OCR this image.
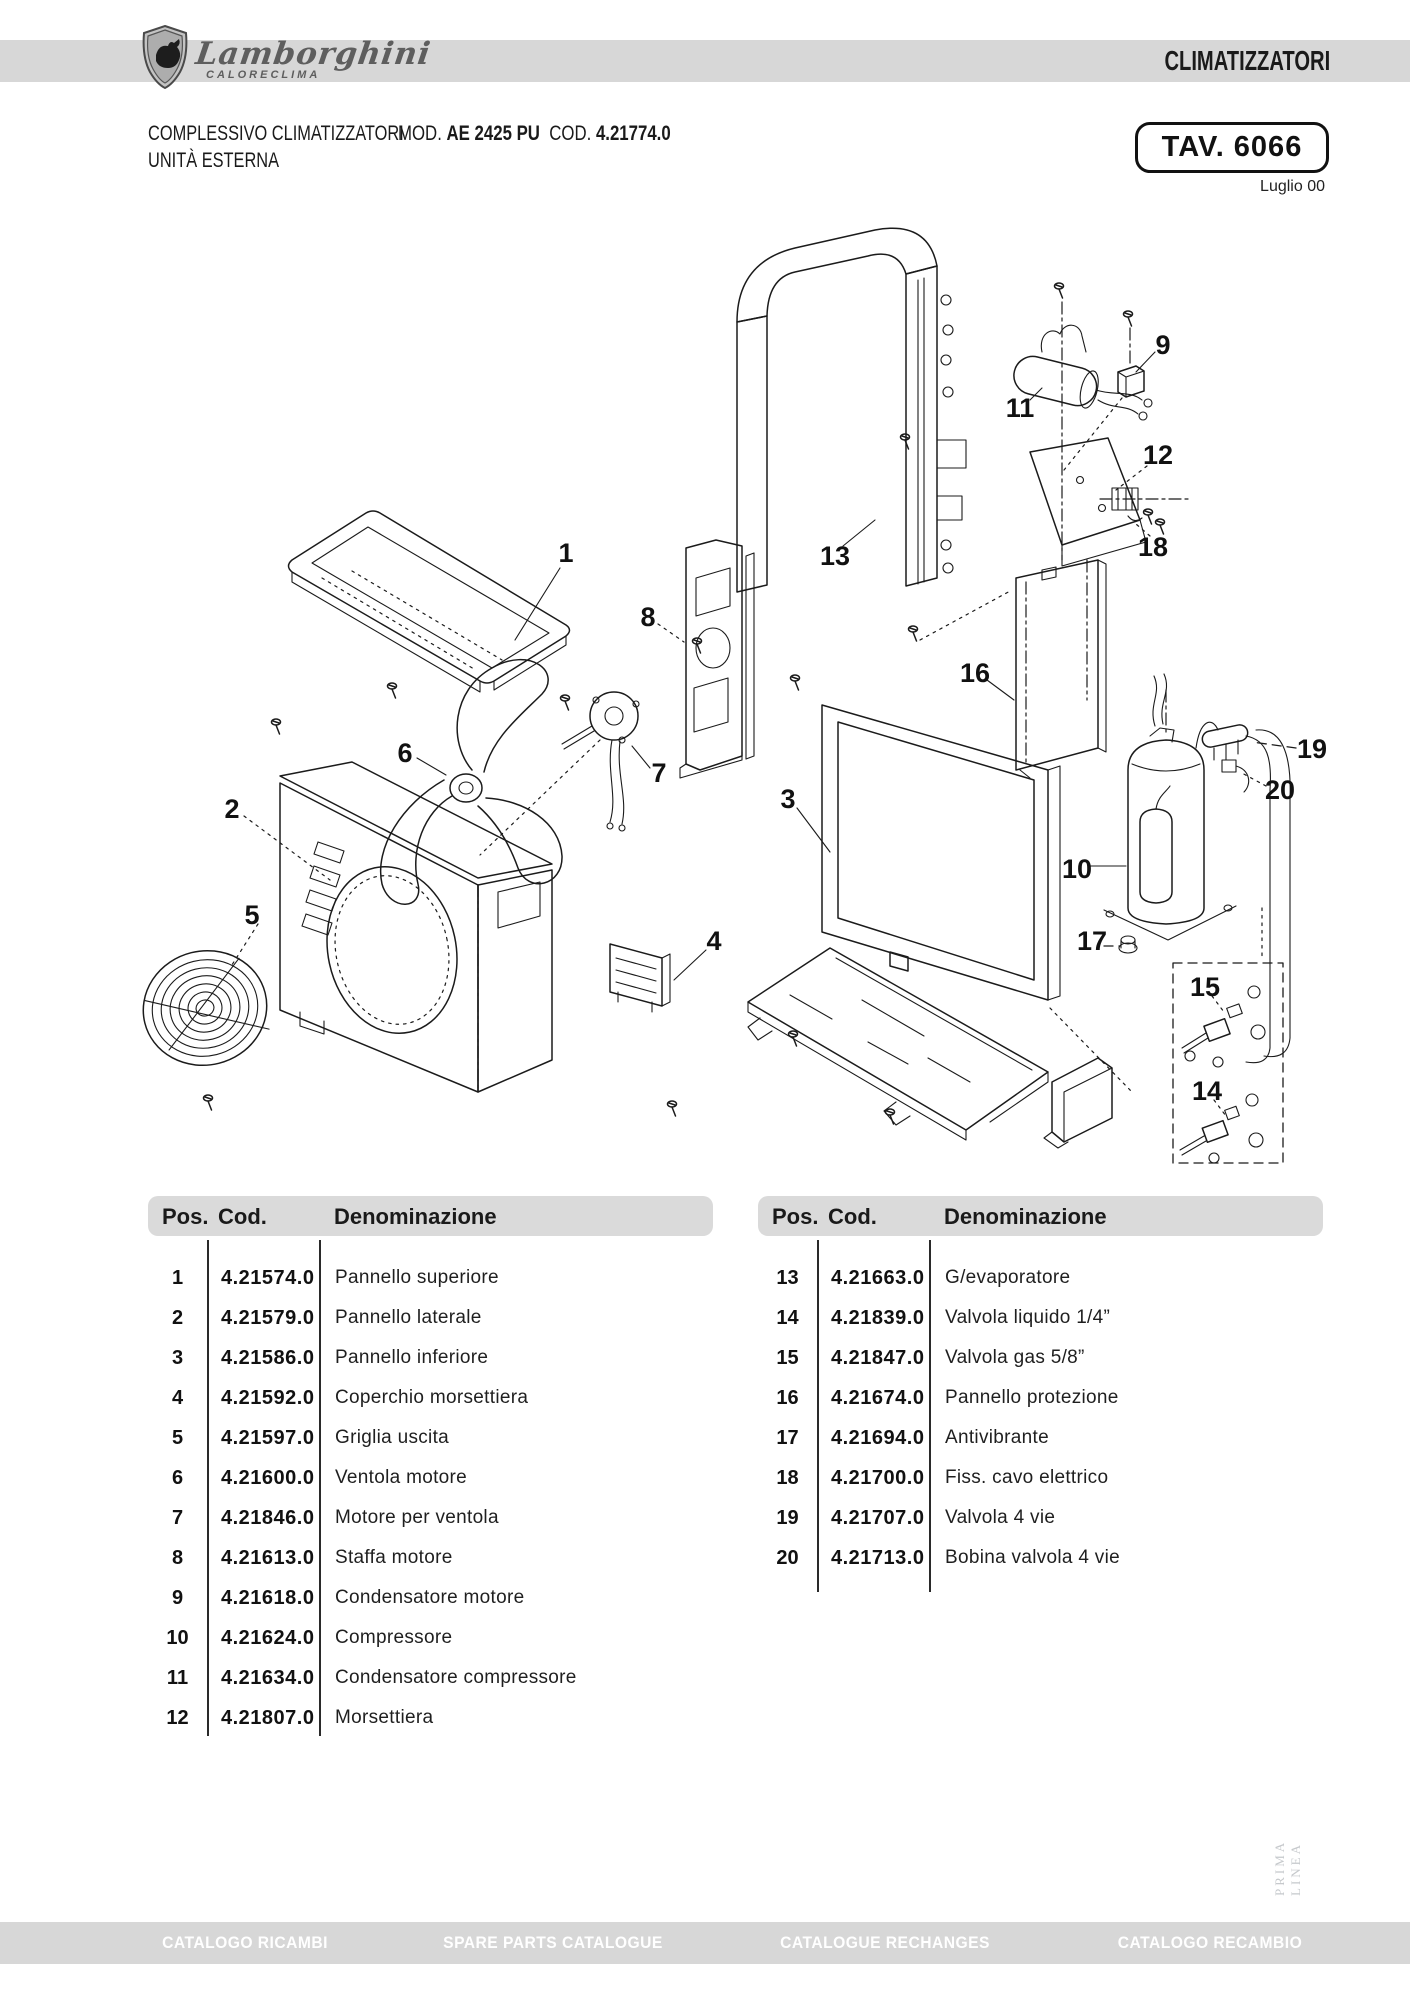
Lamborghini
CALORECLIMA	CLIMATIZZATORI
COMPLESSIVO CLIMATIZZATORI
UNITÀ ESTERNA
MOD. AE 2425 PU COD. 4.21774.0	TAV. 6066
Luglio 00
1
2	3
4
5
6
7
8
9
10
11
12
13
14
15
16
17
18
19
20
Pos. Cod.	Denominazione
1	4.21574.0	Pannello superiore
2	4.21579.0	Pannello laterale
3	4.21586.0	Pannello inferiore
4	4.21592.0	Coperchio morsettiera
5	4.21597.0	Griglia uscita
6	4.21600.0	Ventola motore
7	4.21846.0	Motore per ventola
8	4.21613.0	Staffa motore
9	4.21618.0	Condensatore motore
10	4.21624.0	Compressore
11	4.21634.0	Condensatore compressore
12	4.21807.0	Morsettiera
Pos. Cod.	Denominazione
13	4.21663.0	G/evaporatore
14	4.21839.0	Valvola liquido 1/4”
15	4.21847.0	Valvola gas 5/8”
16	4.21674.0	Pannello protezione
17	4.21694.0	Antivibrante
18	4.21700.0	Fiss. cavo elettrico
19	4.21707.0	Valvola 4 vie
20	4.21713.0	Bobina valvola 4 vie
PRIMA LINEA
CATALOGO RICAMBI	SPARE PARTS CATALOGUE	CATALOGUE RECHANGES	CATALOGO RECAMBIO
